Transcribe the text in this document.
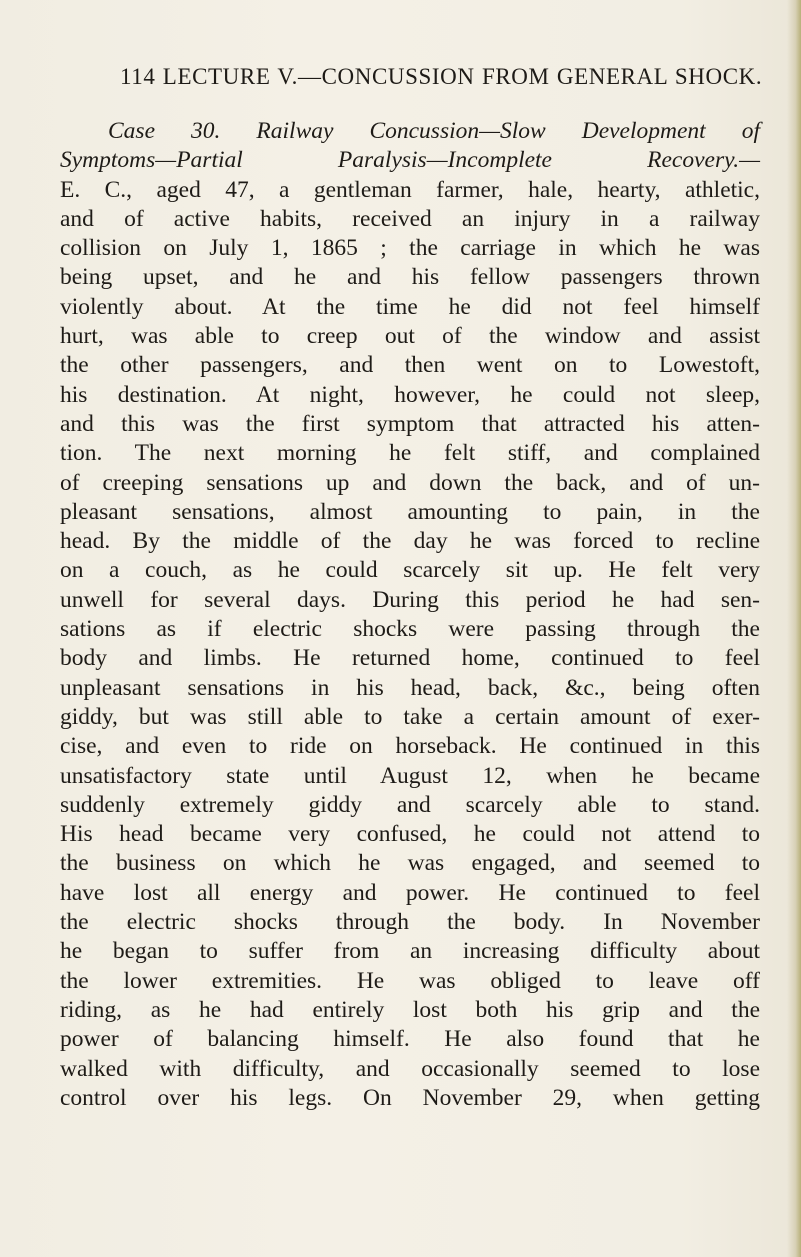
114 LECTURE V.—CONCUSSION FROM GENERAL SHOCK.
Case 30. Railway Concussion—Slow Development of
Symptoms—Partial Paralysis—Incomplete Recovery.—
E. C., aged 47, a gentleman farmer, hale, hearty, athletic,
and of active habits, received an injury in a railway
collision on July 1, 1865 ; the carriage in which he was
being upset, and he and his fellow passengers thrown
violently about. At the time he did not feel himself
hurt, was able to creep out of the window and assist
the other passengers, and then went on to Lowestoft,
his destination. At night, however, he could not sleep,
and this was the first symptom that attracted his atten-
tion. The next morning he felt stiff, and complained
of creeping sensations up and down the back, and of un-
pleasant sensations, almost amounting to pain, in the
head. By the middle of the day he was forced to recline
on a couch, as he could scarcely sit up. He felt very
unwell for several days. During this period he had sen-
sations as if electric shocks were passing through the
body and limbs. He returned home, continued to feel
unpleasant sensations in his head, back, &c., being often
giddy, but was still able to take a certain amount of exer-
cise, and even to ride on horseback. He continued in this
unsatisfactory state until August 12, when he became
suddenly extremely giddy and scarcely able to stand.
His head became very confused, he could not attend to
the business on which he was engaged, and seemed to
have lost all energy and power. He continued to feel
the electric shocks through the body. In November
he began to suffer from an increasing difficulty about
the lower extremities. He was obliged to leave off
riding, as he had entirely lost both his grip and the
power of balancing himself. He also found that he
walked with difficulty, and occasionally seemed to lose
control over his legs. On November 29, when getting
